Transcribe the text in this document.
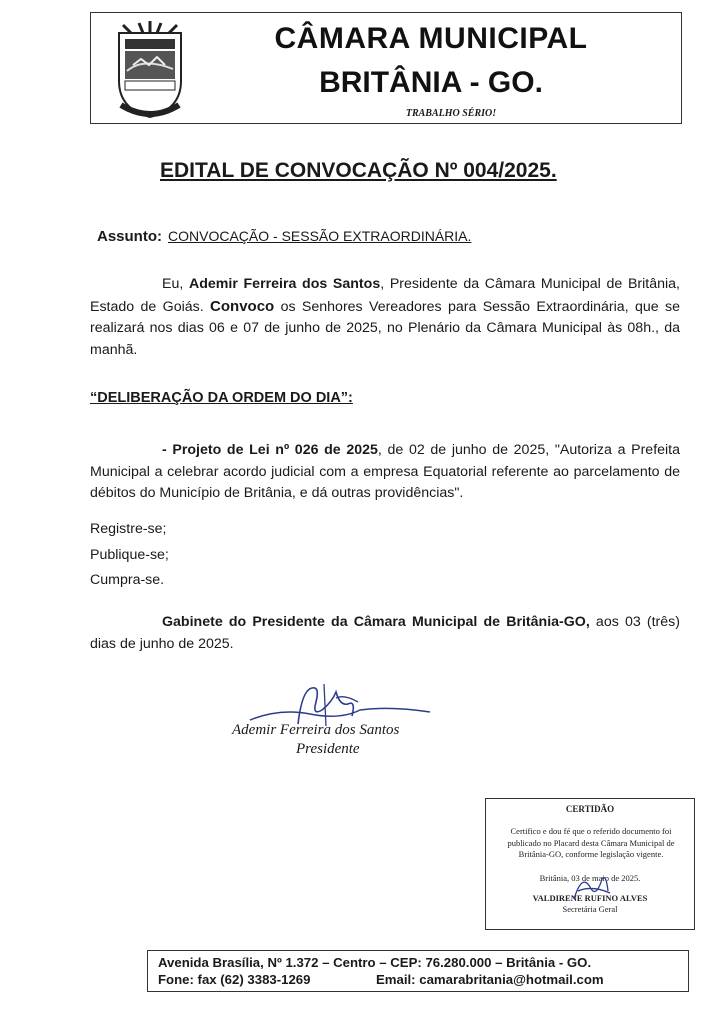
CÂMARA MUNICIPAL
BRITÂNIA - GO.
TRABALHO SÉRIO!
EDITAL DE CONVOCAÇÃO Nº 004/2025.
Assunto: CONVOCAÇÃO - SESSÃO EXTRAORDINÁRIA.
Eu, Ademir Ferreira dos Santos, Presidente da Câmara Municipal de Britânia, Estado de Goiás. Convoco os Senhores Vereadores para Sessão Extraordinária, que se realizará nos dias 06 e 07 de junho de 2025, no Plenário da Câmara Municipal às 08h., da manhã.
“DELIBERAÇÃO DA ORDEM DO DIA”:
- Projeto de Lei nº 026 de 2025, de 02 de junho de 2025, "Autoriza a Prefeita Municipal a celebrar acordo judicial com a empresa Equatorial referente ao parcelamento de débitos do Município de Britânia, e dá outras providências".
Registre-se;
Publique-se;
Cumpra-se.
Gabinete do Presidente da Câmara Municipal de Britânia-GO, aos 03 (três) dias de junho de 2025.
Ademir Ferreira dos Santos
Presidente
CERTIDÃO
Certifico e dou fé que o referido documento foi publicado no Placard desta Câmara Municipal de Britânia-GO, conforme legislação vigente.
Britânia, 03 de maio de 2025.
VALDIRENE RUFINO ALVES
Secretária Geral
Avenida Brasília, Nº 1.372 – Centro – CEP: 76.280.000 – Britânia - GO.
Fone: fax (62) 3383-1269	Email: camarabritania@hotmail.com
